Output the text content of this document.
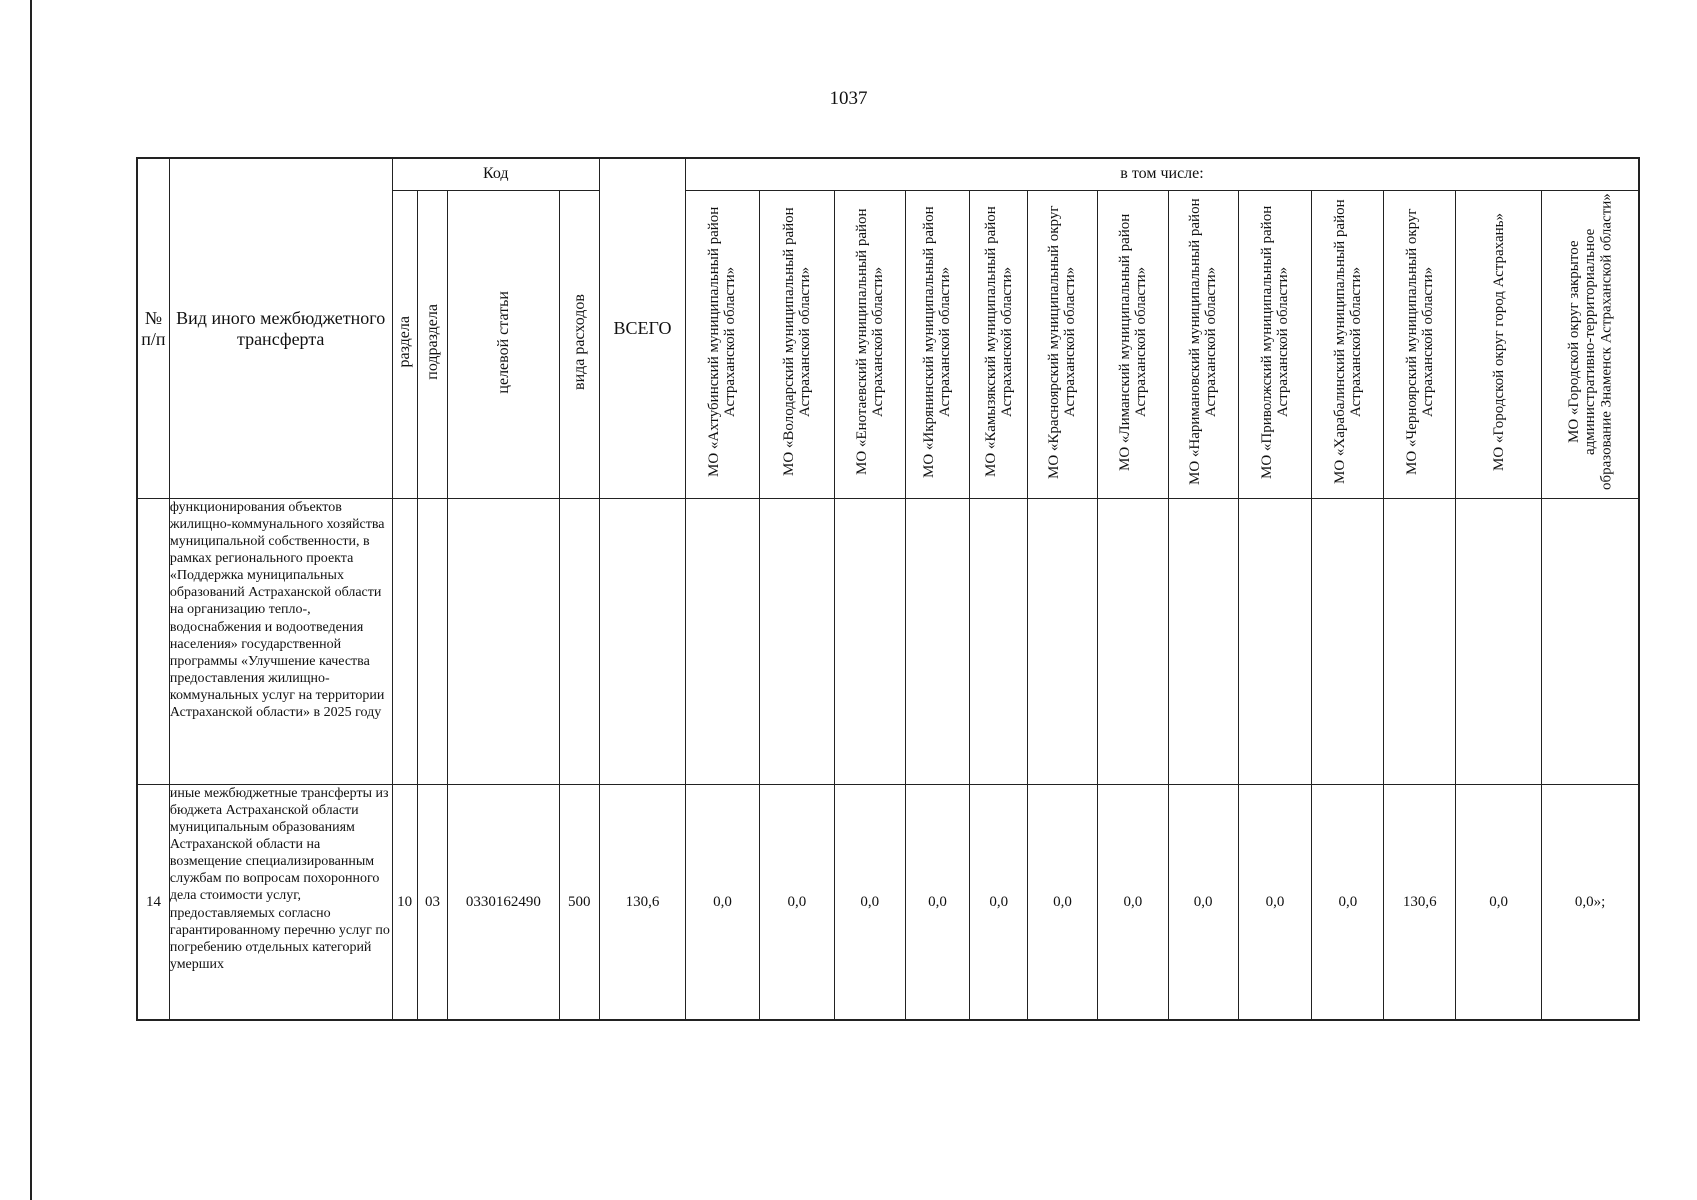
1037
№ п/п	Вид иного межбюджетного трансферта	Код				ВСЕГО	в том числе:												
		раздела	подраздела	целевой статьи	вида расходов		МО «Ахтубинский муниципальный район Астраханской области»	МО «Володарский муниципальный район Астраханской области»	МО «Енотаевский муниципальный район Астраханской области»	МО «Икрянинский муниципальный район Астраханской области»	МО «Камызякский муниципальный район Астраханской области»	МО «Красноярский муниципальный округ Астраханской области»	МО «Лиманский муниципальный район Астраханской области»	МО «Наримановский муниципальный район Астраханской области»	МО «Приволжский муниципальный район Астраханской области»	МО «Харабалинский муниципальный район Астраханской области»	МО «Черноярский муниципальный округ Астраханской области»	МО «Городской округ город Астрахань»	МО «Городской округ закрытое административно-территориальное образование Знаменск Астраханской области»
	функционирования объектов жилищно-коммунального хозяйства муниципальной собственности, в рамках регионального проекта «Поддержка муниципальных образований Астраханской области на организацию тепло-, водоснабжения и водоотведения населения» государственной программы «Улучшение качества предоставления жилищно-коммунальных услуг на территории Астраханской области» в 2025 году																		
14	иные межбюджетные трансферты из бюджета Астраханской области муниципальным образованиям Астраханской области на возмещение специализированным службам по вопросам похоронного дела стоимости услуг, предоставляемых согласно гарантированному перечню услуг по погребению отдельных категорий умерших	10	03	0330162490	500	130,6	0,0	0,0	0,0	0,0	0,0	0,0	0,0	0,0	0,0	0,0	130,6	0,0	0,0»;
